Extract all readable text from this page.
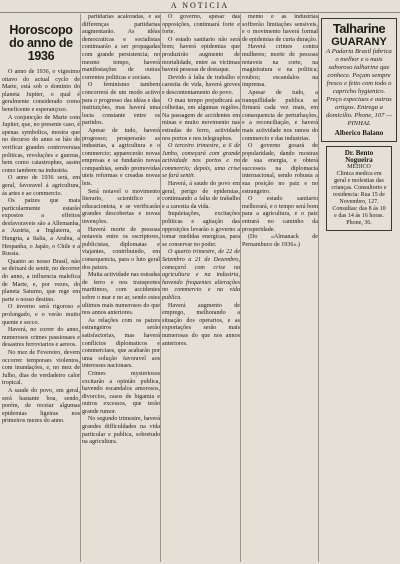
A NOTICIA
Horoscopo do anno de 1936

O anno de 1936, o vigesimo oitavo do actual cyclo de Marte, está sob o dominio do planeta Jupiter, o qual é geralmente considerado como beneficente e esperançoso.

A conjuncção de Marte com Jupiter, que, no presente caso, é apenas symbolica, mostra que no decurso do anno se hão de verificar grandes controversias politicas, revoluções e guerras, bem como catastrophes, assim como tambem na industria.

O anno de 1936 será, em geral, favoravel á agricultura, ás artes e ao commercio.

Os paizes que mais particularmente estarão expostos a effeitos desfavoraveis são a Allemanha, a Austria, a Inglaterra, a Hungria, a Italia, a Arabia, a Hespanha, o Japão, o Chile e a Russia.

Quanto ao nosso Brasil, não se deixará de sentir, no decorrer do anno, a influencia malefica de Marte, e, por vezes, do planeta Saturno, que rege em parte o nosso destino.

O inverno será rigoroso e prolongado, e o verão muito quente e secco.

Haverá, no correr do anno, numerosos crimes passionaes e desastres ferroviarios e aereos.

No mez de Fevereiro, devem occorrer temporaes violentos, com inundações, e, no mez de Julho, dias de verdadeiro calor tropical.

A saude do povo, em geral, será bastante boa, sendo, porém, de receiar algumas epidemias ligeiras nos primeiros mezes do anno.

partidarias acaloradas, e as differenças partidarias augmentarão. As idéas democraticas e socialistas continuarão a ser propagadas com grande persistencia; no mesmo tempo, haverá manifestações de outras correntes politicas e sociaes.

O feminismo tambem concorrerá de um modo activo para o progresso das idéas e das instituições, mas haverá uma lucta constante entre os partidos.

Apesar de tudo, haverá progresso; prosperarão as industrias, a agricultura e o commercio; apparecerão novas empresas e se fundarão novas companhias, sendo promovidas uteis reformas e creadas novas leis.

Será notavel o movimento literario, scientifico e educacionista, e se verificarão grandes descobertas e novas invenções.

Haverá morte de pessoas notaveis entre os escriptores, publicistas, diplomatas e viajantes, contribuindo, em consequencia, para o luto geral dos paizes.

Muita actividade nas estradas de ferro e nos transportes maritimos, com accidentes sobre o mar e no ar, sendo estes ultimos mais numerosos do que nos annos anteriores.

As relações com os paizes estrangeiros serão satisfactorias, mas haverá conflictos diplomaticos e commerciaes, que acabarão por uma solução favoravel aos interesses nacionaes.

Crimes mysteriosos excitarão a opinião publica, havendo escandalos amorosos, divorcios, casos de bigamia e outros excessos, que terão grande rumor.

No segundo trimestre, haverá grandes difficuldades na vida particular e publica, sobretudo na agricultura.

O governo, apesar das opposições, continuará forte e forte.

O estado sanitario não será bom; haverá epidemias que produzirão augmento de mortalidade, entre as victimas haverá pessoas de destaque.

Devido á falta de trabalho e carestia de vida, haverá greves e descontentamento do povo.

O mau tempo prejudicará as colheitas, em algumas regiões. Na passagem de accidentes em minas e muito movimento nas estradas de ferro, actividade nos portos e nos telegraphos.

O terceiro trimestre, a 6 de Junho, começará com grande actividade nos portos e no commercio; depois, uma crise se fará sentir.

Haverá, á saude do povo em geral, perigo de epidemias, continuando a falta de trabalho e a carestia da vida.

Inquietações, excitações politicas e agitação das opposições levarão o governo a tomar medidas energicas, para se conservar no poder.

O quarto trimestre, de 22 de Setembro a 21 de Dezembro, começará com crise na agricultura e na industria, havendo frequentes alterações no commercio e na vida publica.

Haverá augmento de emprego, melhorando a situação dos operarios, e as exportações serão mais numerosas do que nos annos anteriores.

mento e as industrias soffrerão limitações sensiveis, e o movimento haverá formal de epidemias de curta duração.

Haverá crimes contra mulheres; morte de pessoas notaveis na corte, na magistratura e na politica; roubos; escandalos na imprensa.

Apesar de tudo, a tranquillidade publica se firmará cada vez mais, em consequencia de perturbações, e a reconciliação, e haverá mais actividade nos ramos do commercio e das industrias.

O governo gosará de popularidade, dando mostras de sua energia, e obterá successos na diplomacia internacional, sendo robusta a sua posição no paiz e no estrangeiro.

O estado sanitario melhorará, e o tempo será bom para a agricultura, e o paiz entrará no caminho da prosperidade.

(Do «Almanack de Pernambuco de 1936».)

Talharine
GUARANY
A Padaria Brasil fabrica o melhor e o mais saboroso talharine que conhece. Peçam sempre fresco e feito com todo o capricho hygienico. Preço especiaes e outras artigos. Entrega a domicilio. Phone, 107 — PINHAL
Alberico Balano
Dr. Bento Nogueira
MEDICO
Clinica medica em geral e molestias das crianças. Consultorio e residencia: Rua 15 de Novembro, 127. Consultas: das 8 ás 10 e das 14 ás 16 horas. Phone, 36.
